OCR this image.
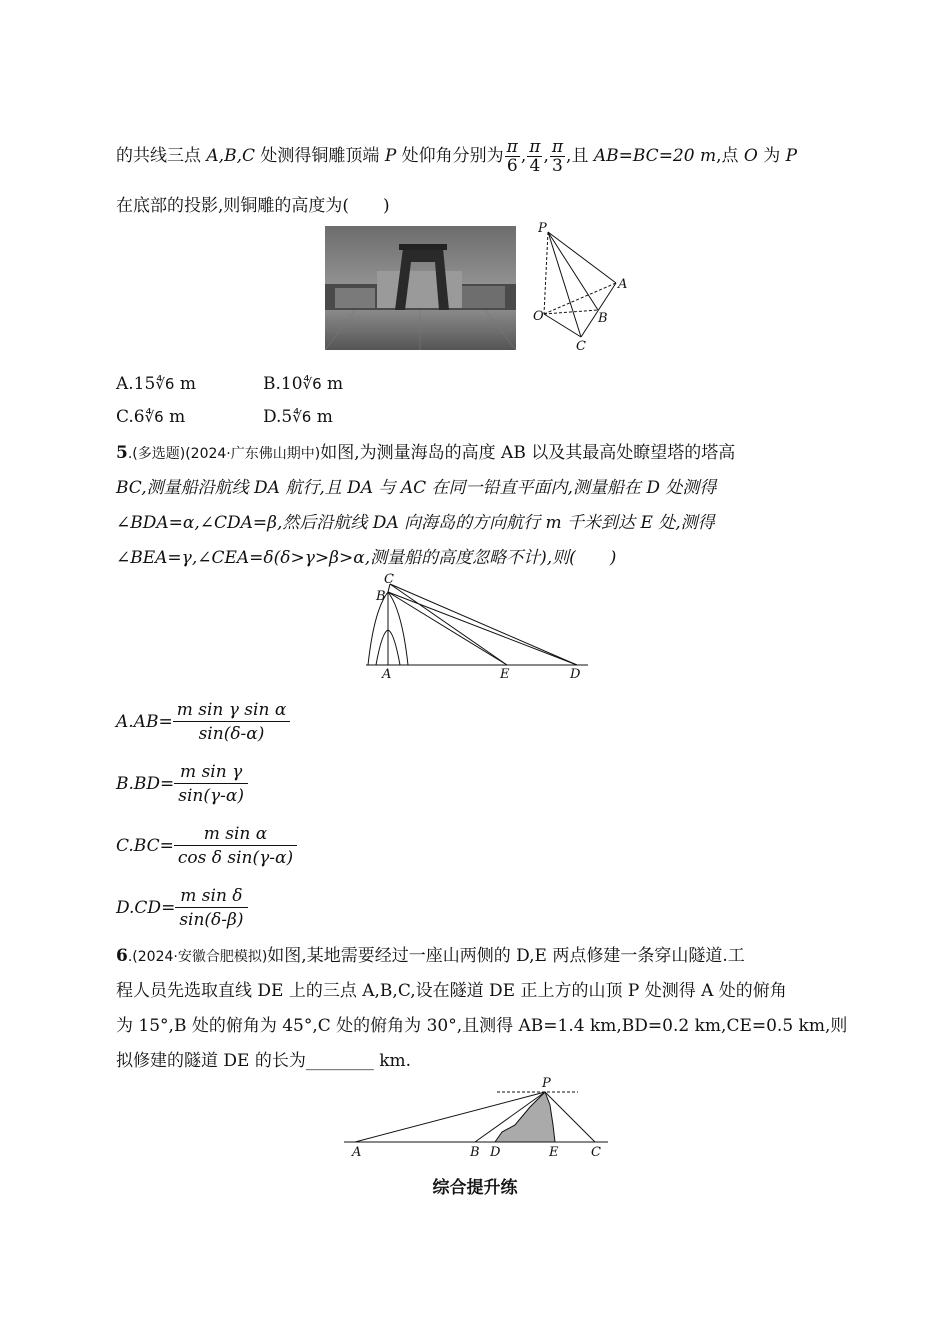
的共线三点 A,B,C 处测得铜雕顶端 P 处仰角分别为 $\frac{\pi}{6}$ , $\frac{\pi}{4}$ , $\frac{\pi}{3}$ ,且 AB=BC=20 m,点 O 为 P
在底部的投影,则铜雕的高度为(　　)
P
A
O	B
C
A.15∜6 m	B.10∜6 m
C.6∜6 m	D.5∜6 m
5.(多选题)(2024·广东佛山期中)如图,为测量海岛的高度 AB 以及其最高处瞭望塔的塔高
BC,测量船沿航线 DA 航行,且 DA 与 AC 在同一铅直平面内,测量船在 D 处测得
∠BDA=α,∠CDA=β,然后沿航线 DA 向海岛的方向航行 m 千米到达 E 处,测得
∠BEA=γ,∠CEA=δ(δ>γ>β>α,测量船的高度忽略不计),则(　　)
C
B
A	E	D
$A.AB= \frac{\text{m sin γ sin α}}{\sin(\delta-\alpha)}$
$B.BD= \frac{\text{m sin γ}}{\sin(\gamma-\alpha)}$
$C.BC= \frac{\text{m sin α}}{\text{cos δ sin(γ-α)}}$
$D.CD= \frac{\text{m sin δ}}{\sin(\delta-\beta)}$
6.(2024·安徽合肥模拟)如图,某地需要经过一座山两侧的 D,E 两点修建一条穿山隧道.工
程人员先选取直线 DE 上的三点 A,B,C,设在隧道 DE 正上方的山顶 P 处测得 A 处的俯角
为 15°,B 处的俯角为 45°,C 处的俯角为 30°,且测得 AB=1.4 km,BD=0.2 km,CE=0.5 km,则
拟修建的隧道 DE 的长为________ km.
P
A	B D	E	C
综合提升练
